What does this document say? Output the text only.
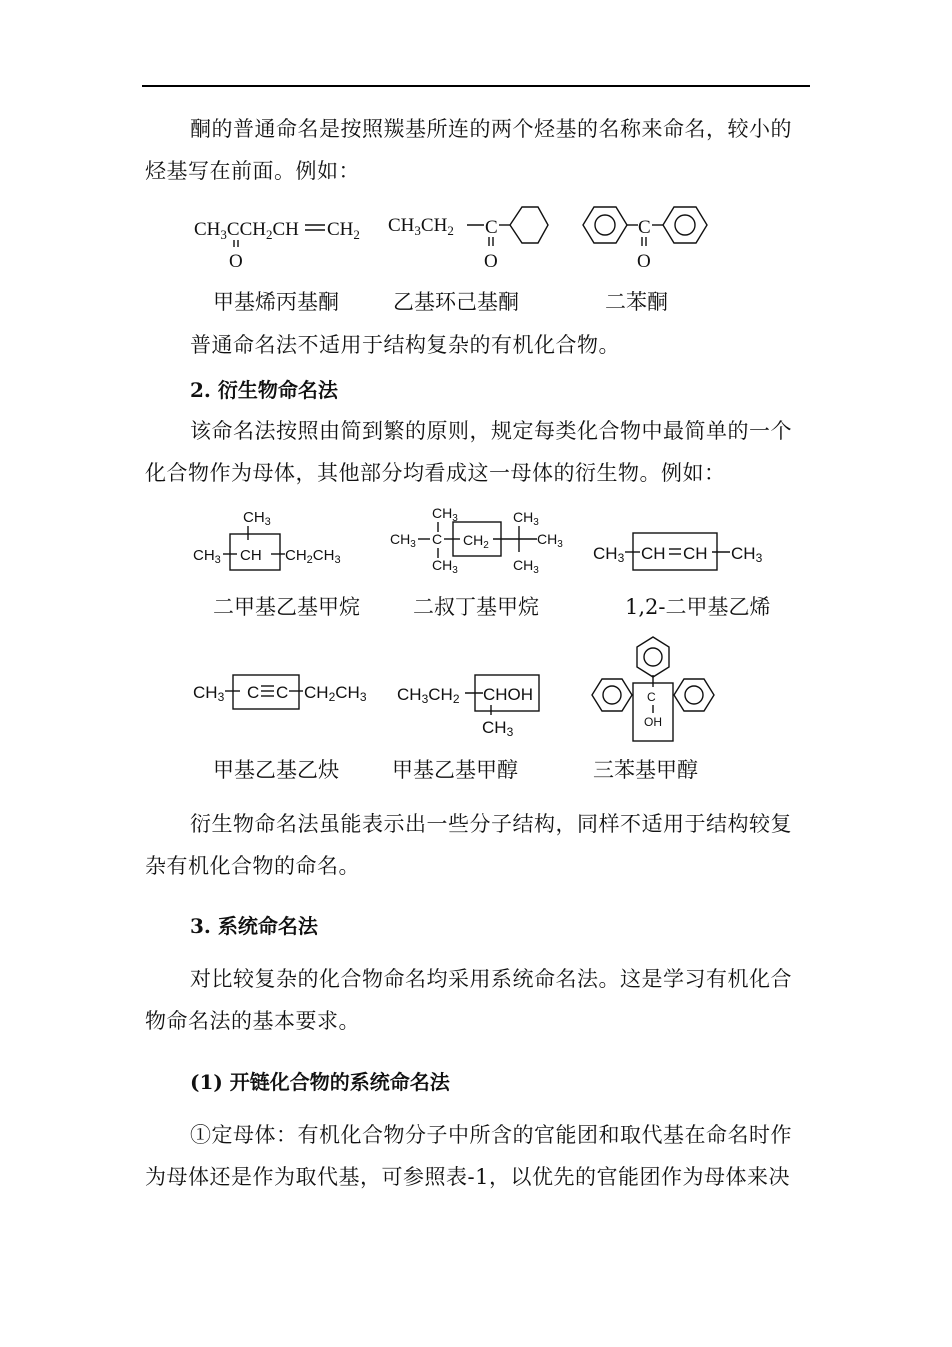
酮的普通命名是按照羰基所连的两个烃基的名称来命名，较小的烃基写在前面。例如：
$CH_3CCH_2CH$ $CH_2$
O
$CH_3CH_2$ C
O
C
O
甲基烯丙基酮	乙基环己基酮	二苯酮
普通命名法不适用于结构复杂的有机化合物。
2. 衍生物命名法
该命名法按照由简到繁的原则，规定每类化合物中最简单的一个化合物作为母体，其他部分均看成这一母体的衍生物。例如：
$CH_3$
$CH_3$ CH $CH_2CH_3$
$CH_3$
$CH_3$ C $CH_2$
$CH_3$
$CH_3$
$CH_3$
$CH_3$
CH3 CH CH CH3
二甲基乙基甲烷	二叔丁基甲烷	1,2-二甲基乙烯
CH3 C C CH2CH3 CH3CH2 CHOH
CH3
C
OH
甲基乙基乙炔	甲基乙基甲醇	三苯基甲醇
衍生物命名法虽能表示出一些分子结构，同样不适用于结构较复杂有机化合物的命名。
3. 系统命名法
对比较复杂的化合物命名均采用系统命名法。这是学习有机化合物命名法的基本要求。
(1) 开链化合物的系统命名法
①定母体：有机化合物分子中所含的官能团和取代基在命名时作为母体还是作为取代基，可参照表-1，以优先的官能团作为母体来决
